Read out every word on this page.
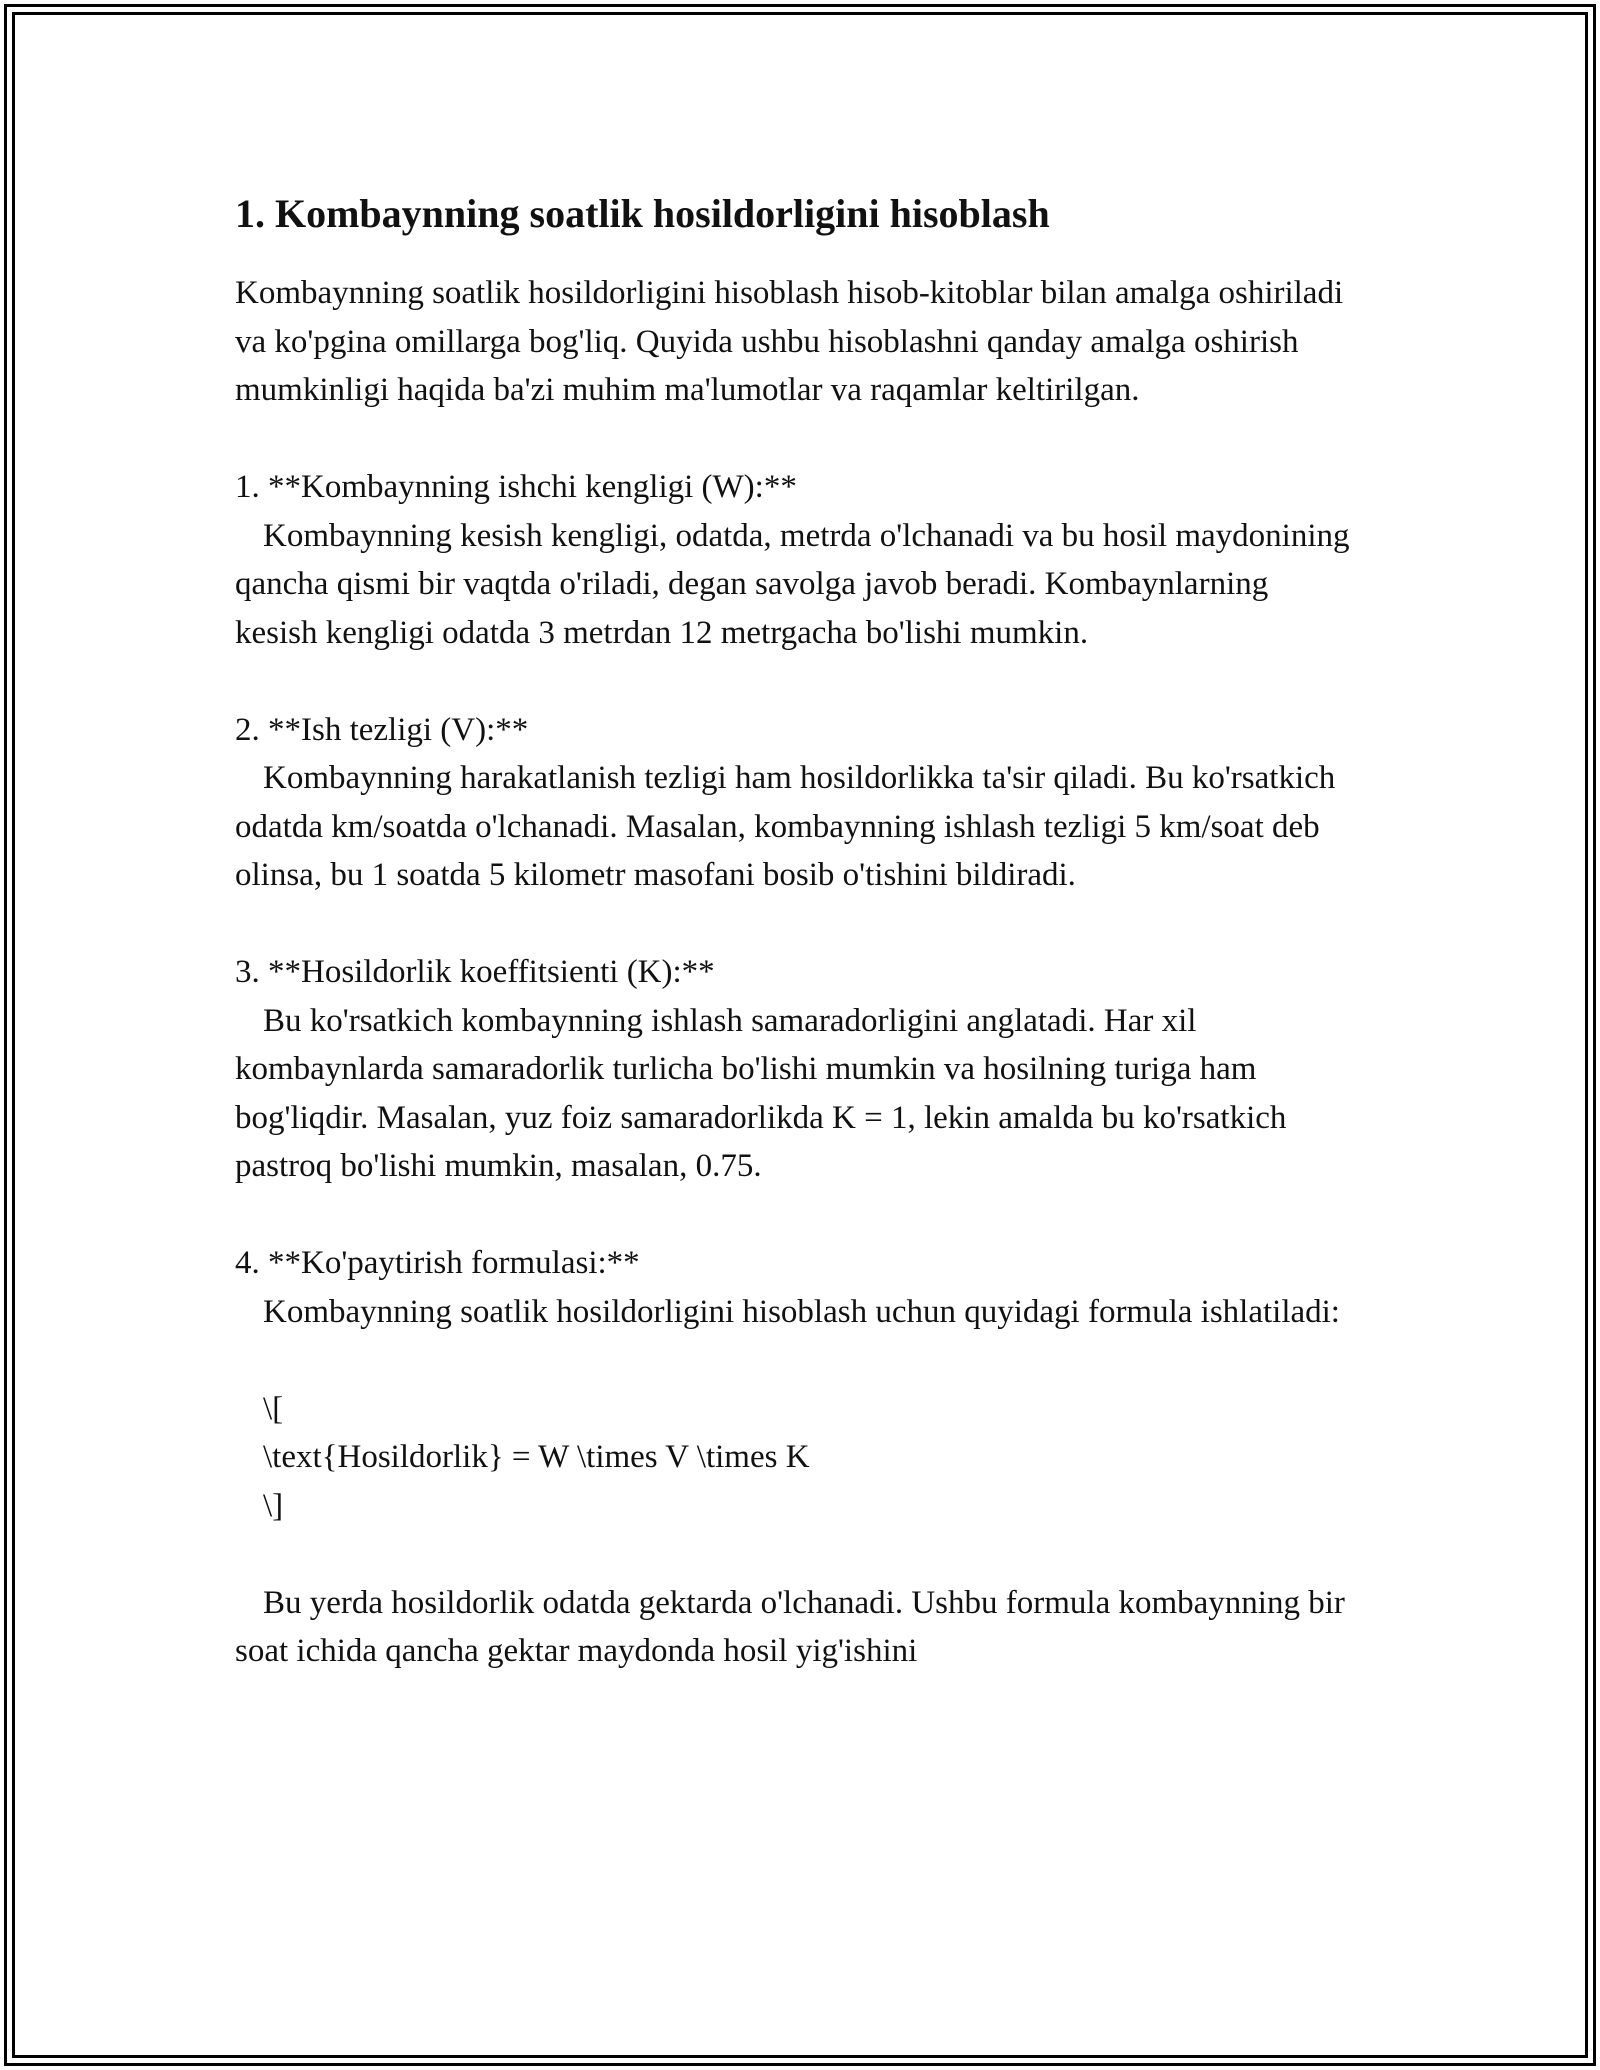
1. Kombaynning soatlik hosildorligini hisoblash

Kombaynning soatlik hosildorligini hisoblash hisob-kitoblar bilan amalga oshiriladi va ko'pgina omillarga bog'liq. Quyida ushbu hisoblashni qanday amalga oshirish mumkinligi haqida ba'zi muhim ma'lumotlar va raqamlar keltirilgan.

1. **Kombaynning ishchi kengligi (W):**

Kombaynning kesish kengligi, odatda, metrda o'lchanadi va bu hosil maydonining qancha qismi bir vaqtda o'riladi, degan savolga javob beradi. Kombaynlarning kesish kengligi odatda 3 metrdan 12 metrgacha bo'lishi mumkin.

2. **Ish tezligi (V):**

Kombaynning harakatlanish tezligi ham hosildorlikka ta'sir qiladi. Bu ko'rsatkich odatda km/soatda o'lchanadi. Masalan, kombaynning ishlash tezligi 5 km/soat deb olinsa, bu 1 soatda 5 kilometr masofani bosib o'tishini bildiradi.

3. **Hosildorlik koeffitsienti (K):**

Bu ko'rsatkich kombaynning ishlash samaradorligini anglatadi. Har xil kombaynlarda samaradorlik turlicha bo'lishi mumkin va hosilning turiga ham bog'liqdir. Masalan, yuz foiz samaradorlikda K = 1, lekin amalda bu ko'rsatkich pastroq bo'lishi mumkin, masalan, 0.75.

4. **Ko'paytirish formulasi:**

Kombaynning soatlik hosildorligini hisoblash uchun quyidagi formula ishlatiladi:

\[
\text{Hosildorlik} = W \times V \times K
\]

Bu yerda hosildorlik odatda gektarda o'lchanadi. Ushbu formula kombaynning bir soat ichida qancha gektar maydonda hosil yig'ishini
